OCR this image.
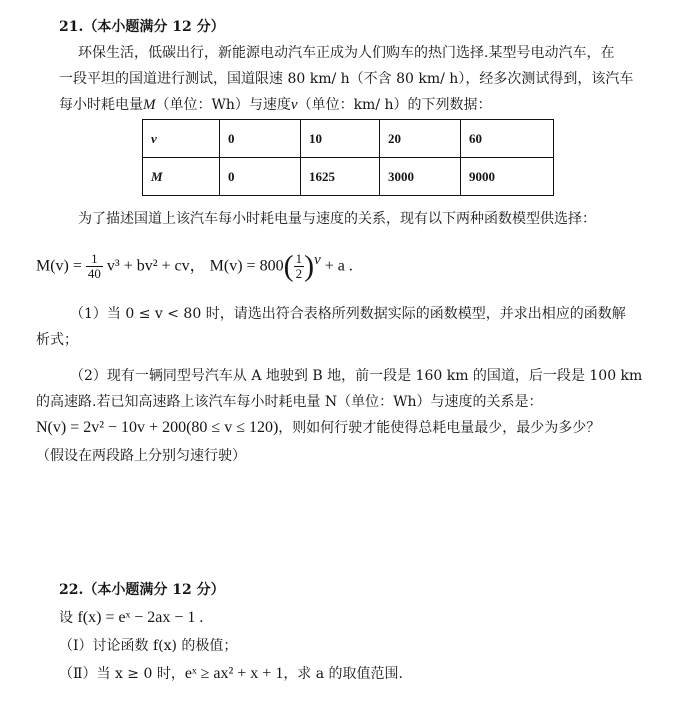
21.（本小题满分 12 分）
环保生活，低碳出行，新能源电动汽车正成为人们购车的热门选择.某型号电动汽车，在
一段平坦的国道进行测试，国道限速 80 km/ h（不含 80 km/ h），经多次测试得到，该汽车
每小时耗电量M（单位：Wh）与速度v（单位：km/ h）的下列数据：
v	0	10	20	60
M	0	1625	3000	9000
为了描述国道上该汽车每小时耗电量与速度的关系，现有以下两种函数模型供选择：
$M(v) = \frac{1}{40} v^3 + bv^2$ + cv， $M(v) = 800( \frac{1}{2} )^v + a$ .
（1）当 0 ≤ v < 80 时，请选出符合表格所列数据实际的函数模型，并求出相应的函数解
析式；
（2）现有一辆同型号汽车从 A 地驶到 B 地，前一段是 160 km 的国道，后一段是 100 km
的高速路.若已知高速路上该汽车每小时耗电量 N（单位：Wh）与速度的关系是：
N(v) = 2v² − 10v + 200(80 ≤ v ≤ 120)，则如何行驶才能使得总耗电量最少，最少为多少？
（假设在两段路上分别匀速行驶）
22.（本小题满分 12 分）
设 f(x) = eˣ − 2ax − 1 .
（Ⅰ）讨论函数 f(x) 的极值；
（Ⅱ）当 x ≥ 0 时，eˣ ≥ ax² + x + 1，求 a 的取值范围.
